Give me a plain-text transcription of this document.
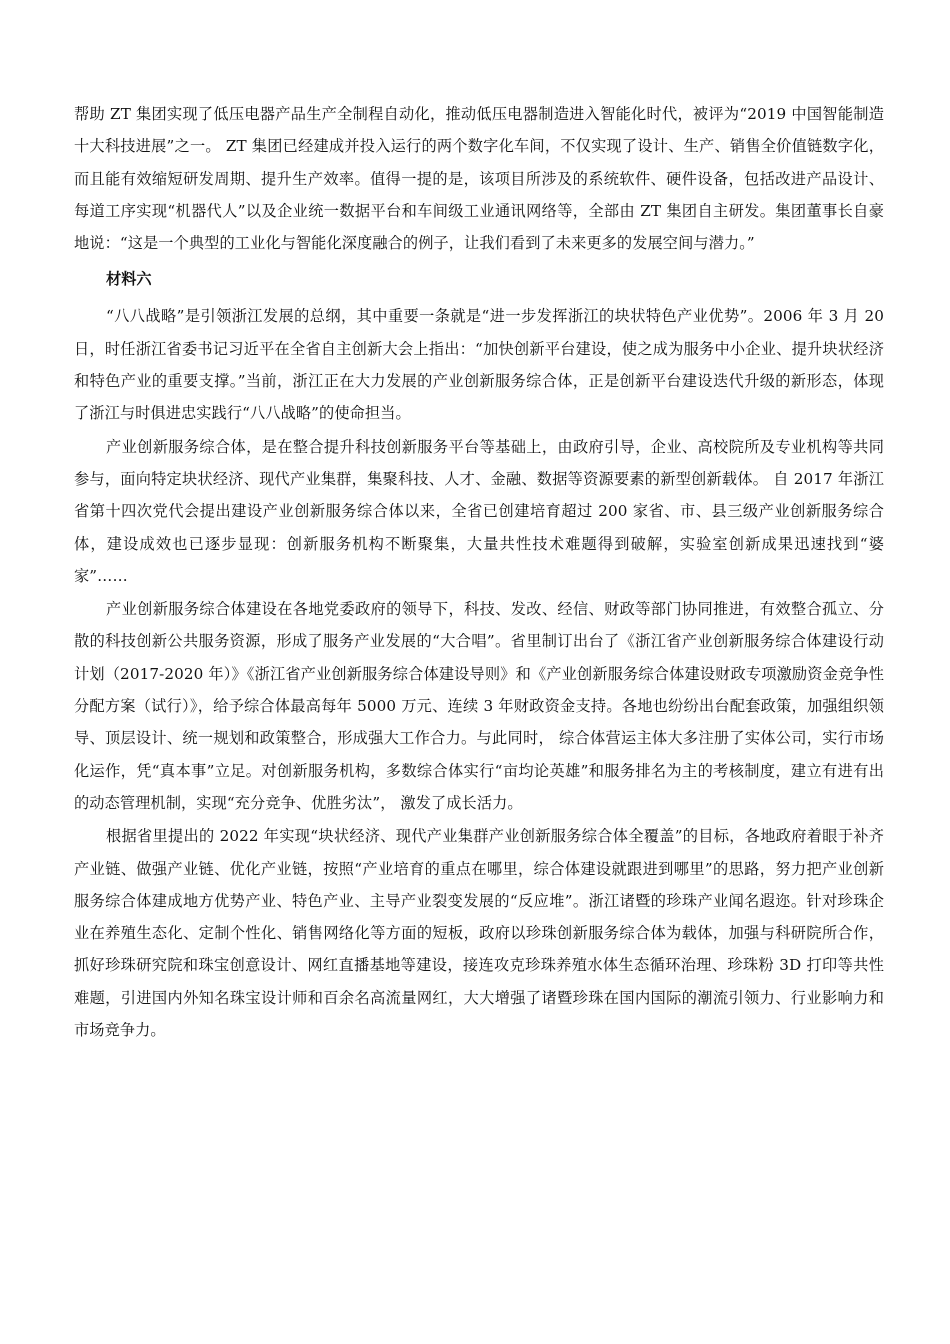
帮助 ZT 集团实现了低压电器产品生产全制程自动化，推动低压电器制造进入智能化时代，被评为“2019 中国智能制造十大科技进展”之一。 ZT 集团已经建成并投入运行的两个数字化车间，不仅实现了设计、生产、销售全价值链数字化，而且能有效缩短研发周期、提升生产效率。值得一提的是，该项目所涉及的系统软件、硬件设备，包括改进产品设计、每道工序实现“机器代人”以及企业统一数据平台和车间级工业通讯网络等，全部由 ZT 集团自主研发。集团董事长自豪地说：“这是一个典型的工业化与智能化深度融合的例子，让我们看到了未来更多的发展空间与潜力。”

材料六

“八八战略”是引领浙江发展的总纲，其中重要一条就是“进一步发挥浙江的块状特色产业优势”。2006 年 3 月 20 日，时任浙江省委书记习近平在全省自主创新大会上指出：“加快创新平台建设，使之成为服务中小企业、提升块状经济和特色产业的重要支撑。”当前，浙江正在大力发展的产业创新服务综合体，正是创新平台建设迭代升级的新形态，体现了浙江与时俱进忠实践行“八八战略”的使命担当。

产业创新服务综合体，是在整合提升科技创新服务平台等基础上，由政府引导，企业、高校院所及专业机构等共同参与，面向特定块状经济、现代产业集群，集聚科技、人才、金融、数据等资源要素的新型创新载体。 自 2017 年浙江省第十四次党代会提出建设产业创新服务综合体以来，全省已创建培育超过 200 家省、市、县三级产业创新服务综合体，建设成效也已逐步显现：创新服务机构不断聚集，大量共性技术难题得到破解，实验室创新成果迅速找到“婆家”……

产业创新服务综合体建设在各地党委政府的领导下，科技、发改、经信、财政等部门协同推进，有效整合孤立、分散的科技创新公共服务资源，形成了服务产业发展的“大合唱”。省里制订出台了《浙江省产业创新服务综合体建设行动计划（2017-2020 年）》《浙江省产业创新服务综合体建设导则》和《产业创新服务综合体建设财政专项激励资金竞争性分配方案（试行）》，给予综合体最高每年 5000 万元、连续 3 年财政资金支持。各地也纷纷出台配套政策，加强组织领导、顶层设计、统一规划和政策整合，形成强大工作合力。与此同时， 综合体营运主体大多注册了实体公司，实行市场化运作，凭“真本事”立足。对创新服务机构，多数综合体实行“亩均论英雄”和服务排名为主的考核制度，建立有进有出的动态管理机制，实现“充分竞争、优胜劣汰”， 激发了成长活力。

根据省里提出的 2022 年实现“块状经济、现代产业集群产业创新服务综合体全覆盖”的目标，各地政府着眼于补齐产业链、做强产业链、优化产业链，按照“产业培育的重点在哪里，综合体建设就跟进到哪里”的思路，努力把产业创新服务综合体建成地方优势产业、特色产业、主导产业裂变发展的“反应堆”。浙江诸暨的珍珠产业闻名遐迩。针对珍珠企业在养殖生态化、定制个性化、销售网络化等方面的短板，政府以珍珠创新服务综合体为载体，加强与科研院所合作，抓好珍珠研究院和珠宝创意设计、网红直播基地等建设，接连攻克珍珠养殖水体生态循环治理、珍珠粉 3D 打印等共性难题，引进国内外知名珠宝设计师和百余名高流量网红，大大增强了诸暨珍珠在国内国际的潮流引领力、行业影响力和市场竞争力。
